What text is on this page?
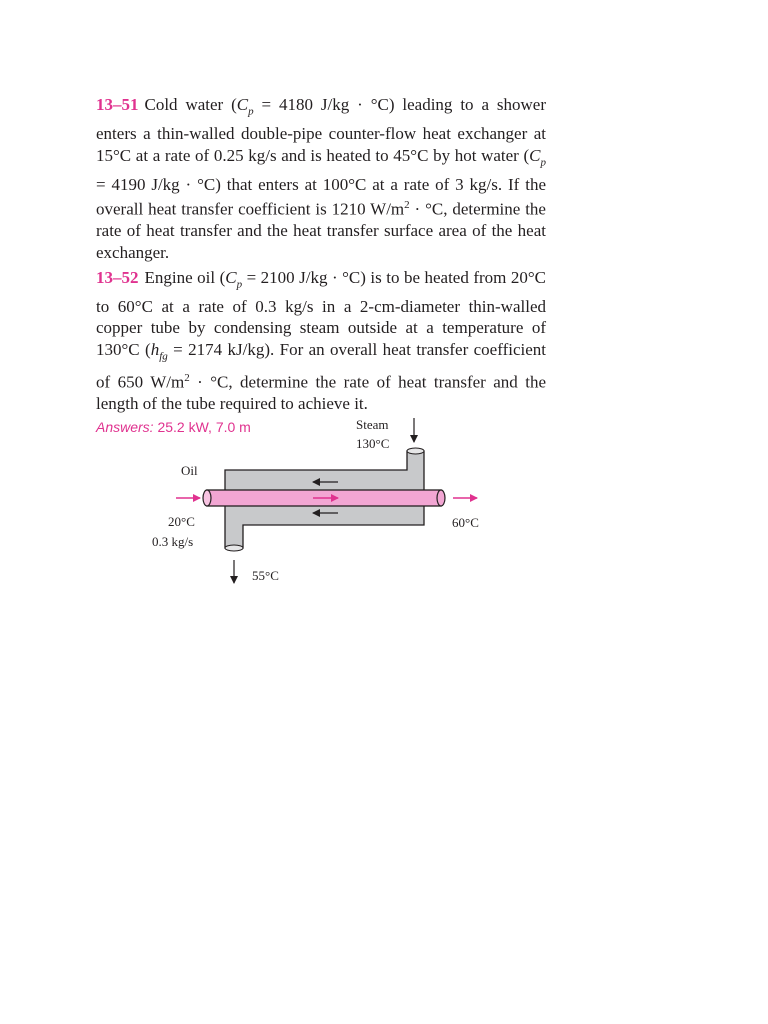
13–51 Cold water ($C_p = 4180$ J/kg · °C) leading to a shower enters a thin-walled double-pipe counter-flow heat exchanger at 15°C at a rate of 0.25 kg/s and is heated to 45°C by hot water ($C_p = 4190$ J/kg · °C) that enters at 100°C at a rate of 3 kg/s. If the overall heat transfer coefficient is 1210 $W/m^2 \cdot ^\circ C$, determine the rate of heat transfer and the heat transfer surface area of the heat exchanger.

13–52 Engine oil ($C_p = 2100$ J/kg · °C) is to be heated from 20°C to 60°C at a rate of 0.3 kg/s in a 2-cm-diameter thin-walled copper tube by condensing steam outside at a temperature of 130°C ($h_{fg} = 2174$ kJ/kg). For an overall heat transfer coefficient of 650 $W/m^2 \cdot ^\circ C$, determine the rate of heat transfer and the length of the tube required to achieve it.

Answers: 25.2 kW, 7.0 m	Steam
130°C
Oil
20°C
0.3 kg/s
60°C
55°C
